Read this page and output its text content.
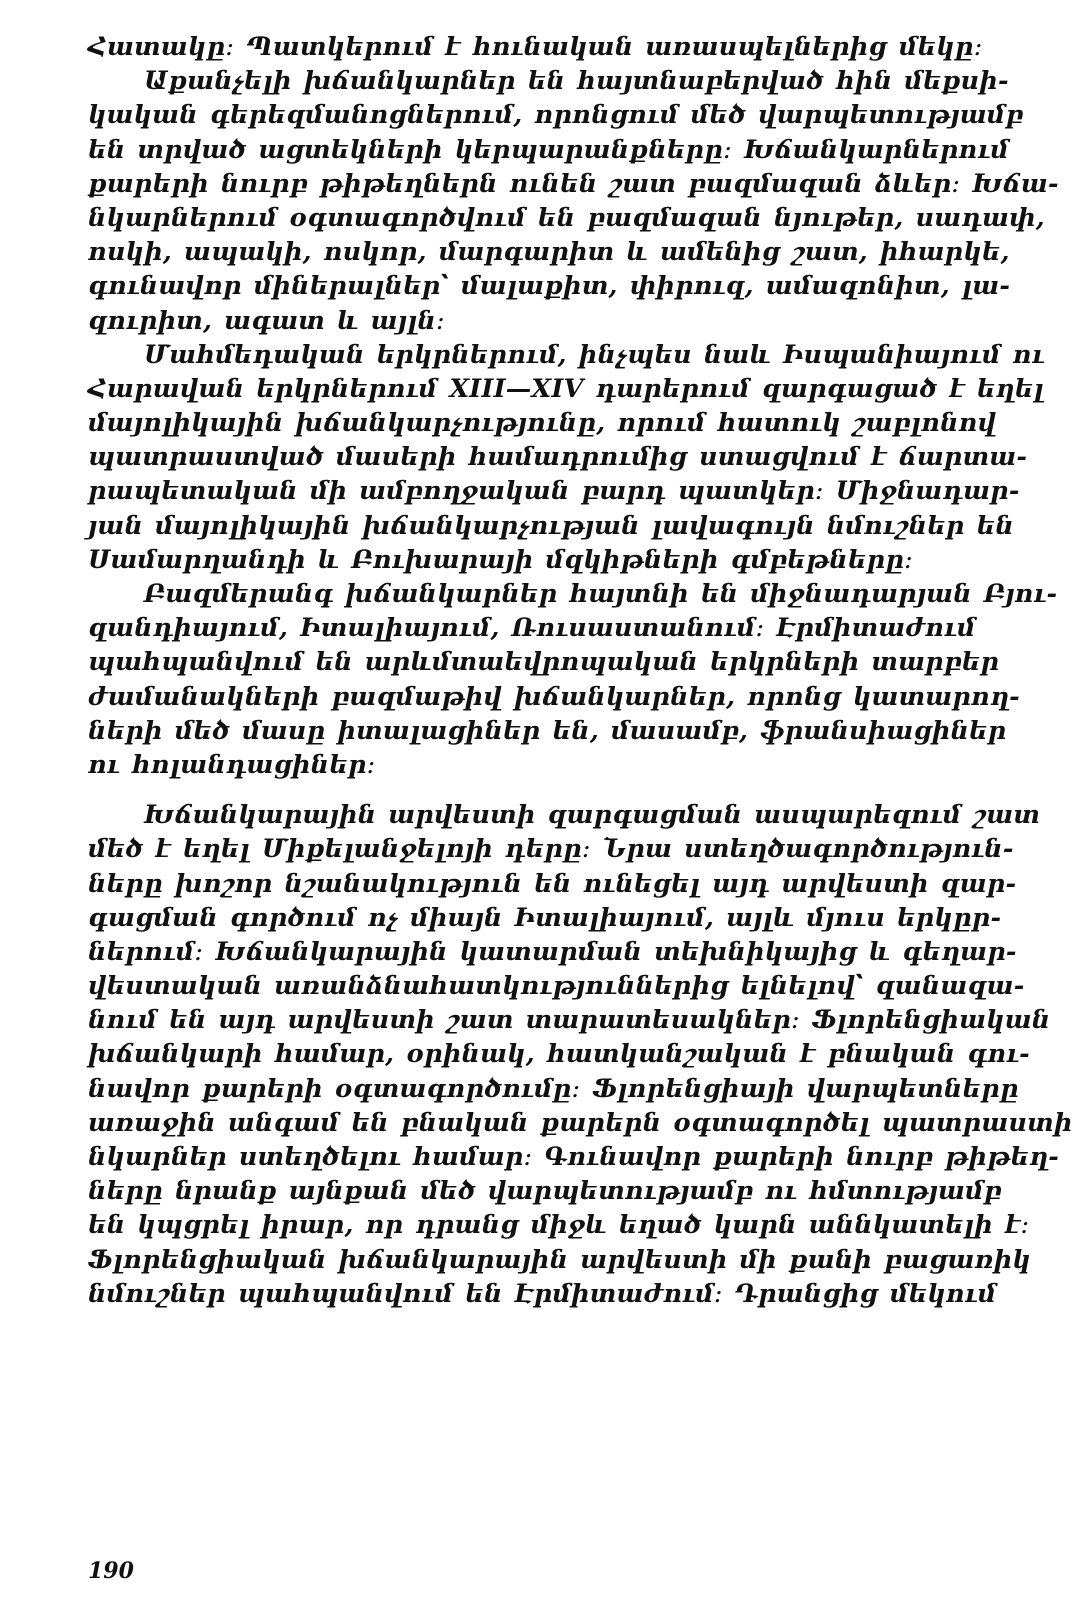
Հատակը։ Պատկերում է հունական առասպելներից մեկը։
Աքանչելի խճանկարներ են հայտնաբերված հին մեքսի-
կական գերեզմանոցներում, որոնցում մեծ վարպետությամբ
են տրված ացտեկների կերպարանքները։ Խճանկարներում
քարերի նուրբ թիթեղներն ունեն շատ բազմազան ձևեր։ Խճա-
նկարներում օգտագործվում են բազմազան նյութեր, սադափ,
ոսկի, ապակի, ոսկոր, մարգարիտ և ամենից շատ, իհարկե,
գունավոր միներալներ՝ մալաքիտ, փիրուզ, ամազոնիտ, լա-
զուրիտ, ագատ և այլն։
Մահմեդական երկրներում, ինչպես նաև Իսպանիայում ու
Հարավան երկրներում XIII—XIV դարերում զարգացած է եղել
մայոլիկային խճանկարչությունը, որում հատուկ շաբլոնով
պատրաստված մասերի համադրումից ստացվում է ճարտա-
րապետական մի ամբողջական բարդ պատկեր։ Միջնադար-
յան մայոլիկային խճանկարչության լավագույն նմուշներ են
Սամարղանդի և Բուխարայի մզկիթների գմբեթները։
Բազմերանգ խճանկարներ հայտնի են միջնադարյան Բյու-
զանդիայում, Իտալիայում, Ռուսաստանում։ Էրմիտաժում
պահպանվում են արևմտաեվրոպական երկրների տարբեր
ժամանակների բազմաթիվ խճանկարներ, որոնց կատարող-
ների մեծ մասը իտալացիներ են, մասամբ, ֆրանսիացիներ
ու հոլանդացիներ։
Խճանկարային արվեստի զարգացման ասպարեզում շատ
մեծ է եղել Միքելանջելոյի դերը։ Նրա ստեղծագործություն-
ները խոշոր նշանակություն են ունեցել այդ արվեստի զար-
գացման գործում ոչ միայն Իտալիայում, այլև մյուս երկըր-
ներում։ Խճանկարային կատարման տեխնիկայից և գեղար-
վեստական առանձնահատկություններից ելնելով՝ զանազա-
նում են այդ արվեստի շատ տարատեսակներ։ Ֆլորենցիական
խճանկարի համար, օրինակ, հատկանշական է բնական գու-
նավոր քարերի օգտագործումը։ Ֆլորենցիայի վարպետները
առաջին անգամ են բնական քարերն օգտագործել պատրաստի
նկարներ ստեղծելու համար։ Գունավոր քարերի նուրբ թիթեղ-
ները նրանք այնքան մեծ վարպետությամբ ու հմտությամբ
են կպցրել իրար, որ դրանց միջև եղած կարն աննկատելի է։
Ֆլորենցիական խճանկարային արվեստի մի քանի բացառիկ
նմուշներ պահպանվում են Էրմիտաժում։ Դրանցից մեկում
190
